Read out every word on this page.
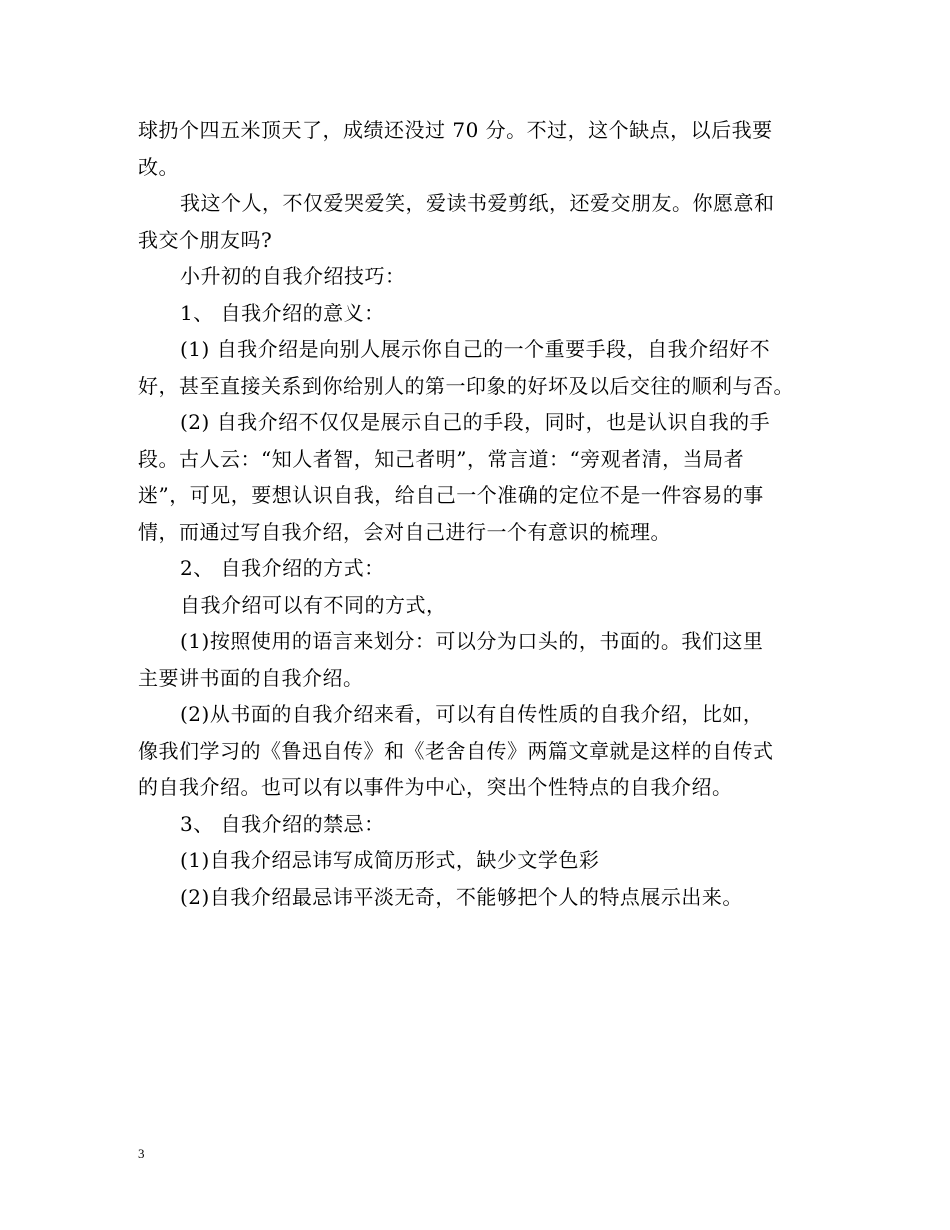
球扔个四五米顶天了，成绩还没过 70 分。不过，这个缺点，以后我要
改。
我这个人，不仅爱哭爱笑，爱读书爱剪纸，还爱交朋友。你愿意和
我交个朋友吗?
小升初的自我介绍技巧：
1、 自我介绍的意义：
(1) 自我介绍是向别人展示你自己的一个重要手段，自我介绍好不
好，甚至直接关系到你给别人的第一印象的好坏及以后交往的顺利与否。
(2) 自我介绍不仅仅是展示自己的手段，同时，也是认识自我的手
段。古人云：“知人者智，知己者明”，常言道：“旁观者清，当局者
迷”，可见，要想认识自我，给自己一个准确的定位不是一件容易的事
情，而通过写自我介绍，会对自己进行一个有意识的梳理。
2、 自我介绍的方式：
自我介绍可以有不同的方式，
(1)按照使用的语言来划分：可以分为口头的，书面的。我们这里
主要讲书面的自我介绍。
(2)从书面的自我介绍来看，可以有自传性质的自我介绍，比如，
像我们学习的《鲁迅自传》和《老舍自传》两篇文章就是这样的自传式
的自我介绍。也可以有以事件为中心，突出个性特点的自我介绍。
3、 自我介绍的禁忌：
(1)自我介绍忌讳写成简历形式，缺少文学色彩
(2)自我介绍最忌讳平淡无奇，不能够把个人的特点展示出来。
3
